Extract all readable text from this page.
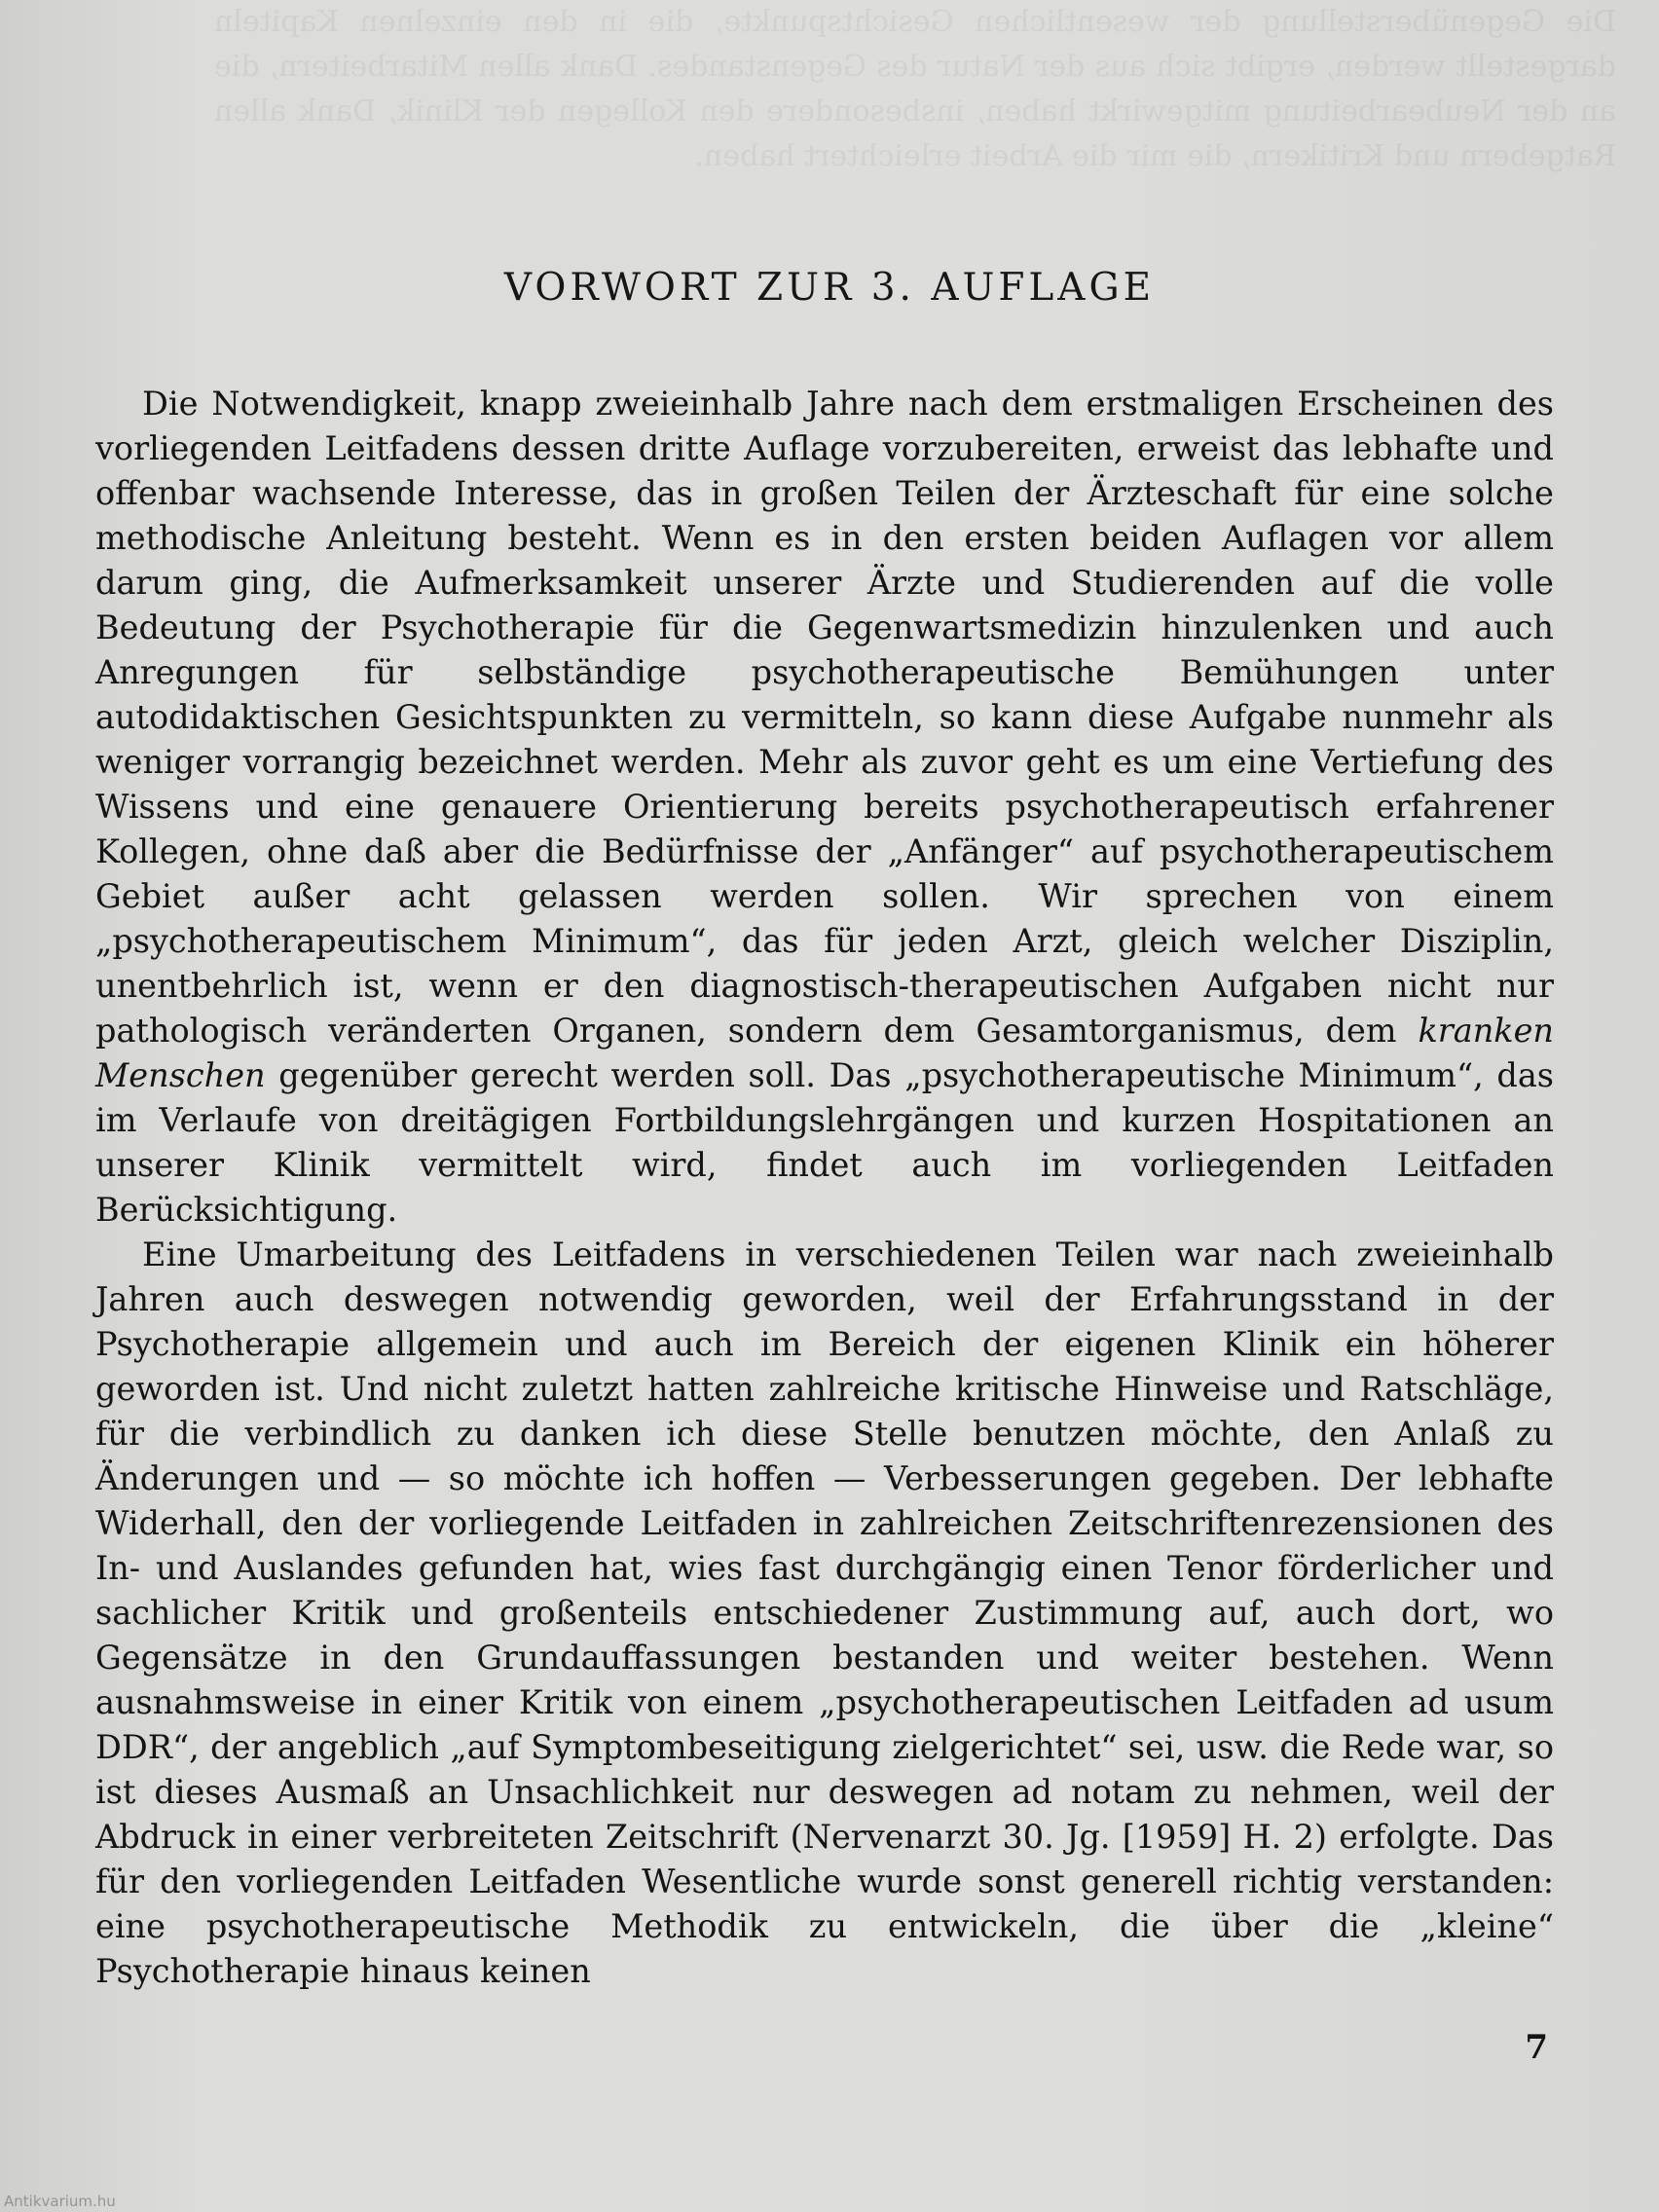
Die Gegenüberstellung der wesentlichen Gesichtspunkte, die in den einzelnen Kapiteln dargestellt werden, ergibt sich aus der Natur des Gegenstandes. Dank allen Mitarbeitern, die an der Neubearbeitung mitgewirkt haben, insbesondere den Kollegen der Klinik, Dank allen Ratgebern und Kritikern, die mir die Arbeit erleichtert haben.
VORWORT ZUR 3. AUFLAGE

Die Notwendigkeit, knapp zweieinhalb Jahre nach dem erstmaligen Erscheinen des vorliegenden Leitfadens dessen dritte Auflage vorzubereiten, erweist das lebhafte und offenbar wachsende Interesse, das in großen Teilen der Ärzteschaft für eine solche methodische Anleitung besteht. Wenn es in den ersten beiden Auflagen vor allem darum ging, die Aufmerksamkeit unserer Ärzte und Studierenden auf die volle Bedeutung der Psychotherapie für die Gegenwartsmedizin hinzulenken und auch Anregungen für selbständige psychotherapeutische Bemühungen unter autodidaktischen Gesichtspunkten zu vermitteln, so kann diese Aufgabe nunmehr als weniger vorrangig bezeichnet werden. Mehr als zuvor geht es um eine Vertiefung des Wissens und eine genauere Orientierung bereits psychotherapeutisch erfahrener Kollegen, ohne daß aber die Bedürfnisse der „Anfänger“ auf psychotherapeutischem Gebiet außer acht gelassen werden sollen. Wir sprechen von einem „psychotherapeutischem Minimum“, das für jeden Arzt, gleich welcher Disziplin, unentbehrlich ist, wenn er den diagnostisch-therapeutischen Aufgaben nicht nur pathologisch veränderten Organen, sondern dem Gesamtorganismus, dem kranken Menschen gegenüber gerecht werden soll. Das „psychotherapeutische Minimum“, das im Verlaufe von dreitägigen Fortbildungslehrgängen und kurzen Hospitationen an unserer Klinik vermittelt wird, findet auch im vorliegenden Leitfaden Berücksichtigung.

Eine Umarbeitung des Leitfadens in verschiedenen Teilen war nach zweieinhalb Jahren auch deswegen notwendig geworden, weil der Erfahrungsstand in der Psychotherapie allgemein und auch im Bereich der eigenen Klinik ein höherer geworden ist. Und nicht zuletzt hatten zahlreiche kritische Hinweise und Ratschläge, für die verbindlich zu danken ich diese Stelle benutzen möchte, den Anlaß zu Änderungen und — so möchte ich hoffen — Verbesserungen gegeben. Der lebhafte Widerhall, den der vorliegende Leitfaden in zahlreichen Zeitschriftenrezensionen des In- und Auslandes gefunden hat, wies fast durchgängig einen Tenor förderlicher und sachlicher Kritik und großenteils entschiedener Zustimmung auf, auch dort, wo Gegensätze in den Grundauffassungen bestanden und weiter bestehen. Wenn ausnahmsweise in einer Kritik von einem „psychotherapeutischen Leitfaden ad usum DDR“, der angeblich „auf Symptombeseitigung zielgerichtet“ sei, usw. die Rede war, so ist dieses Ausmaß an Unsachlichkeit nur deswegen ad notam zu nehmen, weil der Abdruck in einer verbreiteten Zeitschrift (Nervenarzt 30. Jg. [1959] H. 2) erfolgte. Das für den vorliegenden Leitfaden Wesentliche wurde sonst generell richtig verstanden: eine psychotherapeutische Methodik zu entwickeln, die über die „kleine“ Psychotherapie hinaus keinen

7
Antikvarium.hu
